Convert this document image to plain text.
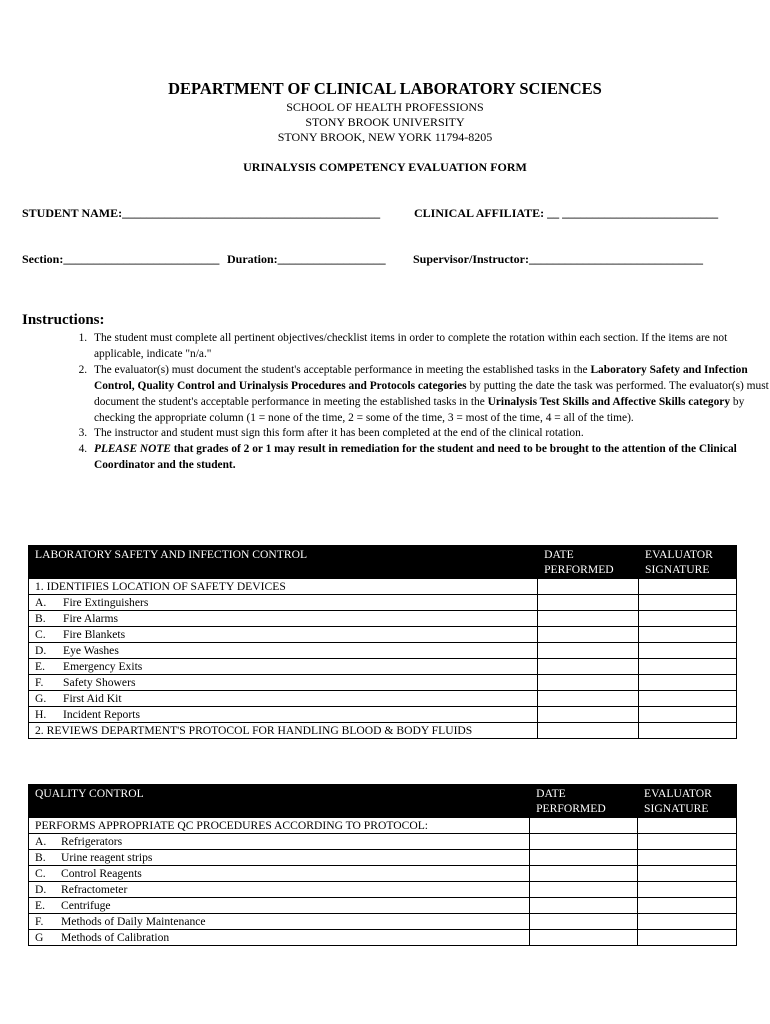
DEPARTMENT OF CLINICAL LABORATORY SCIENCES
SCHOOL OF HEALTH PROFESSIONS
STONY BROOK UNIVERSITY
STONY BROOK, NEW YORK 11794-8205
URINALYSIS COMPETENCY EVALUATION FORM
STUDENT NAME:___________________________________________	CLINICAL AFFILIATE: __ __________________________
Section:__________________________ Duration:__________________ Supervisor/Instructor:_____________________________
Instructions:
1. The student must complete all pertinent objectives/checklist items in order to complete the rotation within each section. If the items are not applicable, indicate "n/a."
2. The evaluator(s) must document the student's acceptable performance in meeting the established tasks in the Laboratory Safety and Infection Control, Quality Control and Urinalysis Procedures and Protocols categories by putting the date the task was performed. The evaluator(s) must document the student's acceptable performance in meeting the established tasks in the Urinalysis Test Skills and Affective Skills category by checking the appropriate column (1 = none of the time, 2 = some of the time, 3 = most of the time, 4 = all of the time).
3. The instructor and student must sign this form after it has been completed at the end of the clinical rotation.
4. PLEASE NOTE that grades of 2 or 1 may result in remediation for the student and need to be brought to the attention of the Clinical Coordinator and the student.
LABORATORY SAFETY AND INFECTION CONTROL	DATE PERFORMED	EVALUATOR SIGNATURE
1. IDENTIFIES LOCATION OF SAFETY DEVICES		
A. Fire Extinguishers		
B. Fire Alarms		
C. Fire Blankets		
D. Eye Washes		
E. Emergency Exits		
F. Safety Showers		
G. First Aid Kit		
H. Incident Reports		
2. REVIEWS DEPARTMENT'S PROTOCOL FOR HANDLING BLOOD & BODY FLUIDS		
QUALITY CONTROL	DATE PERFORMED	EVALUATOR SIGNATURE
PERFORMS APPROPRIATE QC PROCEDURES ACCORDING TO PROTOCOL:		
A. Refrigerators		
B. Urine reagent strips		
C. Control Reagents		
D. Refractometer		
E. Centrifuge		
F. Methods of Daily Maintenance		
G Methods of Calibration		
